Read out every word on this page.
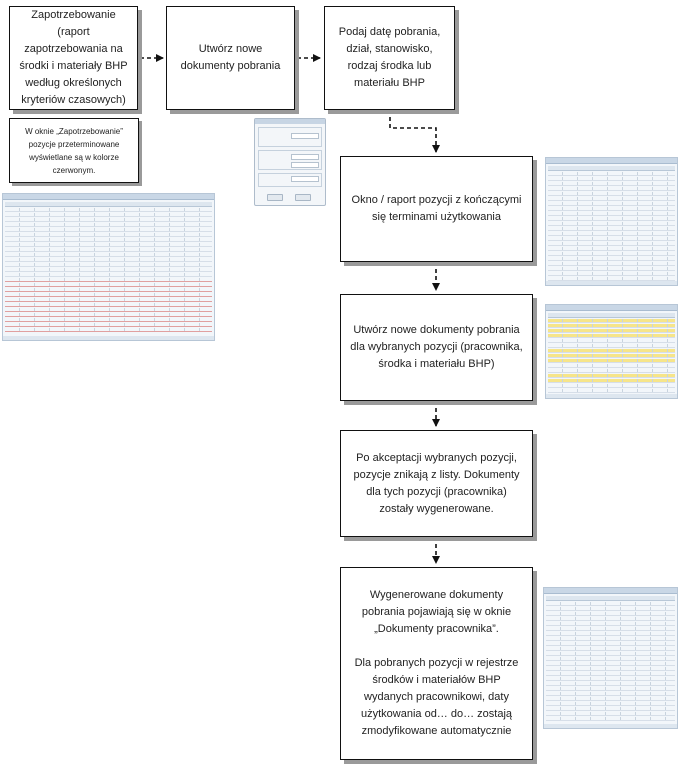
Zapotrzebowanie (raport zapotrzebowania na środki i materiały BHP według określonych kryteriów czasowych)
Utwórz nowe dokumenty pobrania
Podaj datę pobrania, dział, stanowisko, rodzaj środka lub materiału BHP
Okno / raport pozycji z kończącymi się terminami użytkowania
Utwórz nowe dokumenty pobrania dla wybranych pozycji (pracownika, środka i materiału BHP)
Po akceptacji wybranych pozycji, pozycje znikają z listy. Dokumenty dla tych pozycji (pracownika) zostały wygenerowane.
Wygenerowane dokumenty pobrania pojawiają się w oknie „Dokumenty pracownika”.

Dla pobranych pozycji w rejestrze środków i materiałów BHP wydanych pracownikowi, daty użytkowania od… do… zostają zmodyfikowane automatycznie
W oknie „Zapotrzebowanie” pozycje przeterminowane wyświetlane są w kolorze czerwonym.
